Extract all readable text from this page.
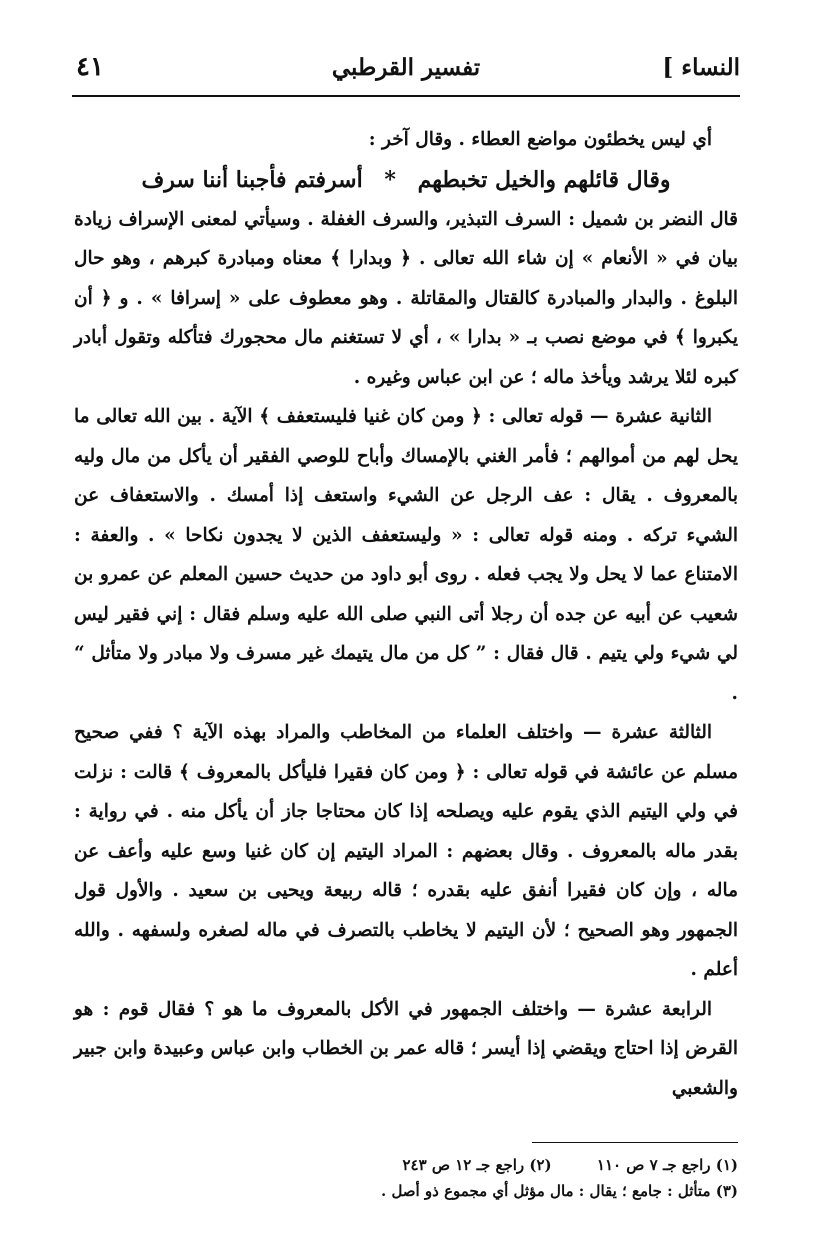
النساء ]
تفسير القرطبي
٤١

أي ليس يخطئون مواضع العطاء . وقال آخر :

وقال قائلهم والخيل تخبطهم * أسرفتم فأجبنا أننا سرف

قال النضر بن شميل : السرف التبذير، والسرف الغفلة . وسيأتي لمعنى الإسراف زيادة بيان في « الأنعام » إن شاء الله تعالى . ﴿ وبدارا ﴾ معناه ومبادرة كبرهم ، وهو حال البلوغ . والبدار والمبادرة كالقتال والمقاتلة . وهو معطوف على « إسرافا » . و ﴿ أن يكبروا ﴾ في موضع نصب بـ « بدارا » ، أي لا تستغنم مال محجورك فتأكله وتقول أبادر كبره لئلا يرشد ويأخذ ماله ؛ عن ابن عباس وغيره .

الثانية عشرة — قوله تعالى : ﴿ ومن كان غنيا فليستعفف ﴾ الآية . بين الله تعالى ما يحل لهم من أموالهم ؛ فأمر الغني بالإمساك وأباح للوصي الفقير أن يأكل من مال وليه بالمعروف . يقال : عف الرجل عن الشيء واستعف إذا أمسك . والاستعفاف عن الشيء تركه . ومنه قوله تعالى : « وليستعفف الذين لا يجدون نكاحا » . والعفة : الامتناع عما لا يحل ولا يجب فعله . روى أبو داود من حديث حسين المعلم عن عمرو بن شعيب عن أبيه عن جده أن رجلا أتى النبي صلى الله عليه وسلم فقال : إني فقير ليس لي شيء ولي يتيم . قال فقال : ” كل من مال يتيمك غير مسرف ولا مبادر ولا متأثل “ .

الثالثة عشرة — واختلف العلماء من المخاطب والمراد بهذه الآية ؟ ففي صحيح مسلم عن عائشة في قوله تعالى : ﴿ ومن كان فقيرا فليأكل بالمعروف ﴾ قالت : نزلت في ولي اليتيم الذي يقوم عليه ويصلحه إذا كان محتاجا جاز أن يأكل منه . في رواية : بقدر ماله بالمعروف . وقال بعضهم : المراد اليتيم إن كان غنيا وسع عليه وأعف عن ماله ، وإن كان فقيرا أنفق عليه بقدره ؛ قاله ربيعة ويحيى بن سعيد . والأول قول الجمهور وهو الصحيح ؛ لأن اليتيم لا يخاطب بالتصرف في ماله لصغره ولسفهه . والله أعلم .

الرابعة عشرة — واختلف الجمهور في الأكل بالمعروف ما هو ؟ فقال قوم : هو القرض إذا احتاج ويقضي إذا أيسر ؛ قاله عمر بن الخطاب وابن عباس وعبيدة وابن جبير والشعبي

(١) راجع جـ ٧ ص ١١٠ (٢) راجع جـ ١٢ ص ٢٤٣

(٣) متأثل : جامع ؛ يقال : مال مؤثل أي مجموع ذو أصل .
